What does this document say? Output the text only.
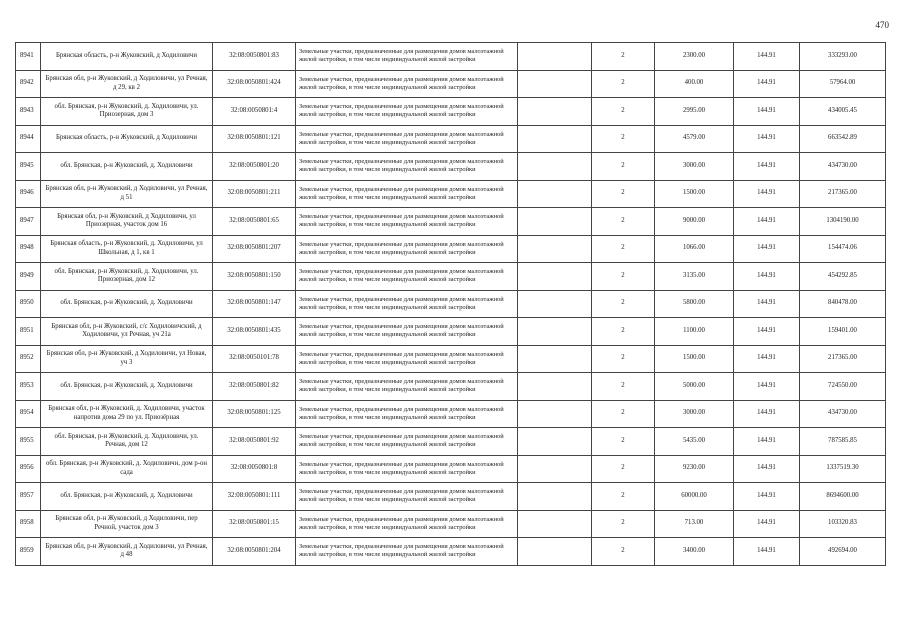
470
8941	Брянская область, р-н Жуковский, д Ходиловичи	32:08:0050801:83	Земельные участки, предназначенные для размещения домов малоэтажной жилой застройки, в том числе индивидуальной жилой застройки		2	2300.00	144.91	333293.00
8942	Брянская обл, р-н Жуковский, д Ходиловичи, ул Речная, д 29, кв 2	32:08:0050801:424	Земельные участки, предназначенные для размещения домов малоэтажной жилой застройки, в том числе индивидуальной жилой застройки		2	400.00	144.91	57964.00
8943	обл. Брянская, р-н Жуковский, д. Ходиловичи, ул. Приозерная, дом 3	32:08:0050801:4	Земельные участки, предназначенные для размещения домов малоэтажной жилой застройки, в том числе индивидуальной жилой застройки		2	2995.00	144.91	434005.45
8944	Брянская область, р-н Жуковский, д Ходиловичи	32:08:0050801:121	Земельные участки, предназначенные для размещения домов малоэтажной жилой застройки, в том числе индивидуальной жилой застройки		2	4579.00	144.91	663542.89
8945	обл. Брянская, р-н Жуковский, д. Ходиловичи	32:08:0050801:20	Земельные участки, предназначенные для размещения домов малоэтажной жилой застройки, в том числе индивидуальной жилой застройки		2	3000.00	144.91	434730.00
8946	Брянская обл, р-н Жуковский, д Ходиловичи, ул Речная, д 51	32:08:0050801:211	Земельные участки, предназначенные для размещения домов малоэтажной жилой застройки, в том числе индивидуальной жилой застройки		2	1500.00	144.91	217365.00
8947	Брянская обл, р-н Жуковский, д Ходиловичи, ул Приозерная, участок дом 16	32:08:0050801:65	Земельные участки, предназначенные для размещения домов малоэтажной жилой застройки, в том числе индивидуальной жилой застройки		2	9000.00	144.91	1304190.00
8948	Брянская область, р-н Жуковский, д. Ходиловичи, ул Школьная, д 1, кв 1	32:08:0050801:207	Земельные участки, предназначенные для размещения домов малоэтажной жилой застройки, в том числе индивидуальной жилой застройки		2	1066.00	144.91	154474.06
8949	обл. Брянская, р-н Жуковский, д. Ходиловичи, ул. Приозерная, дом 12	32:08:0050801:150	Земельные участки, предназначенные для размещения домов малоэтажной жилой застройки, в том числе индивидуальной жилой застройки		2	3135.00	144.91	454292.85
8950	обл. Брянская, р-н Жуковский, д. Ходиловичи	32:08:0050801:147	Земельные участки, предназначенные для размещения домов малоэтажной жилой застройки, в том числе индивидуальной жилой застройки		2	5800.00	144.91	840478.00
8951	Брянская обл, р-н Жуковский, с/с Ходиловичский, д Ходиловичи, ул Речная, уч 21а	32:08:0050801:435	Земельные участки, предназначенные для размещения домов малоэтажной жилой застройки, в том числе индивидуальной жилой застройки		2	1100.00	144.91	159401.00
8952	Брянская обл, р-н Жуковский, д Ходиловичи, ул Новая, уч 3	32:08:0050101:78	Земельные участки, предназначенные для размещения домов малоэтажной жилой застройки, в том числе индивидуальной жилой застройки		2	1500.00	144.91	217365.00
8953	обл. Брянская, р-н Жуковский, д. Ходиловичи	32:08:0050801:82	Земельные участки, предназначенные для размещения домов малоэтажной жилой застройки, в том числе индивидуальной жилой застройки		2	5000.00	144.91	724550.00
8954	Брянская обл, р-н Жуковский, д. Ходиловичи, участок напротив дома 29 по ул. Приозёрная	32:08:0050801:125	Земельные участки, предназначенные для размещения домов малоэтажной жилой застройки, в том числе индивидуальной жилой застройки		2	3000.00	144.91	434730.00
8955	обл. Брянская, р-н Жуковский, д. Ходиловичи, ул. Речная, дом 12	32:08:0050801:92	Земельные участки, предназначенные для размещения домов малоэтажной жилой застройки, в том числе индивидуальной жилой застройки		2	5435.00	144.91	787585.85
8956	обл. Брянская, р-н Жуковский, д. Ходиловичи, дом р-он сада	32:08:0050801:8	Земельные участки, предназначенные для размещения домов малоэтажной жилой застройки, в том числе индивидуальной жилой застройки		2	9230.00	144.91	1337519.30
8957	обл. Брянская, р-н Жуковский, д. Ходиловичи	32:08:0050801:111	Земельные участки, предназначенные для размещения домов малоэтажной жилой застройки, в том числе индивидуальной жилой застройки		2	60000.00	144.91	8694600.00
8958	Брянская обл, р-н Жуковский, д Ходиловичи, пер Речной, участок дом 3	32:08:0050801:15	Земельные участки, предназначенные для размещения домов малоэтажной жилой застройки, в том числе индивидуальной жилой застройки		2	713.00	144.91	103320.83
8959	Брянская обл, р-н Жуковский, д Ходиловичи, ул Речная, д 48	32:08:0050801:204	Земельные участки, предназначенные для размещения домов малоэтажной жилой застройки, в том числе индивидуальной жилой застройки		2	3400.00	144.91	492694.00
